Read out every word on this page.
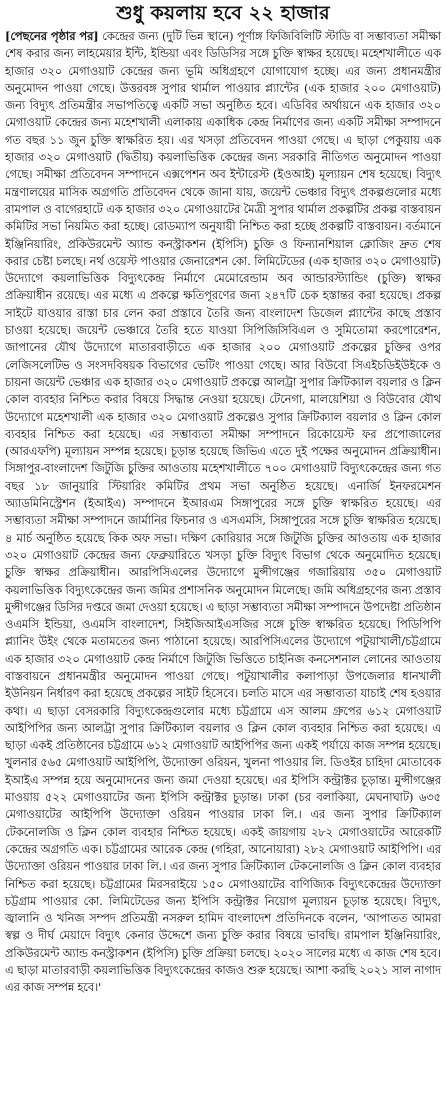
শুধু কয়লায় হবে ২২ হাজার

[পেছনের পৃষ্ঠার পর] কেন্দ্রের জন্য (দুটি ভিন্ন স্থানে) পূর্ণাঙ্গ ফিজিবিলিটি স্টাডি বা সম্ভাব্যতা সমীক্ষা শেষ করার জন্য লাহমেয়ার ইন্টি, ইন্ডিয়া এবং ডিডিসির সঙ্গে চুক্তি স্বাক্ষর হয়েছে। মহেশখালীতে এক হাজার ৩২০ মেগাওয়াট কেন্দ্রের জন্য ভূমি অধিগ্রহণে যোগাযোগ হচ্ছে। এর জন্য প্রধানমন্ত্রীর অনুমোদন পাওয়া গেছে। উত্তরবঙ্গ সুপার থার্মাল পাওয়ার প্ল্যান্টের (এক হাজার ২০০ মেগাওয়াট) জন্য বিদ্যুৎ প্রতিমন্ত্রীর সভাপতিত্বে একটি সভা অনুষ্ঠিত হবে। এডিবির অর্থায়নে এক হাজার ৩২০ মেগাওয়াট কেন্দ্রের জন্য মহেশখালী এলাকায় একাধিক কেন্দ্র নির্মাণের জন্য একটি সমীক্ষা সম্পাদনে গত বছর ১১ জুন চুক্তি স্বাক্ষরিত হয়। এর খসড়া প্রতিবেদন পাওয়া গেছে। এ ছাড়া পেকুয়ায় এক হাজার ৩২০ মেগাওয়াট (দ্বিতীয়) কয়লাভিত্তিক কেন্দ্রের জন্য সরকারি নীতিগত অনুমোদন পাওয়া গেছে। সমীক্ষা প্রতিবেদন সম্পাদনে এক্সপেশন অব ইন্টারেস্ট (ইওআই) মূল্যায়ন শেষ হয়েছে। বিদ্যুৎ মন্ত্রণালয়ের মাসিক অগ্রগতি প্রতিবেদন থেকে জানা যায়, জয়েন্ট ভেঞ্চার বিদ্যুৎ প্রকল্পগুলোর মধ্যে রামপাল ও বাগেরহাটে এক হাজার ৩২০ মেগাওয়াটের মৈত্রী সুপার থার্মাল প্রকল্পটির প্রকল্প বাস্তবায়ন কমিটির সভা নিয়মিত করা হচ্ছে। রোডম্যাপ অনুযায়ী নিশ্চিত করা হচ্ছে প্রকল্পটি বাস্তবায়ন। বর্তমানে ইঞ্জিনিয়ারিং, প্রকিউরমেন্ট অ্যান্ড কনস্ট্রাকশন (ইপিসি) চুক্তি ও ফিন্যানশিয়াল ক্লোজিং দ্রুত শেষ করার চেষ্টা চলছে। নর্থ ওয়েস্ট পাওয়ার জেনারেশন কো. লিমিটেডের (এক হাজার ৩২০ মেগাওয়াট) উদ্যোগে কয়লাভিত্তিক বিদ্যুৎকেন্দ্র নির্মাণে মেমোরেন্ডাম অব আন্ডারস্ট্যান্ডিং (চুক্তি) স্বাক্ষর প্রক্রিয়াধীন রয়েছে। এর মধ্যে এ প্রকল্পে ক্ষতিপূরণের জন্য ২৪৭টি চেক হস্তান্তর করা হয়েছে। প্রকল্প সাইটে যাওয়ার রাস্তা চার লেন করা প্রস্তাবে তৈরি জন্য বাংলাদেশ ডিজেল প্ল্যান্টের কাছে প্রস্তাব চাওয়া হয়েছে। জয়েন্ট ভেঞ্চারে তৈরি হতে যাওয়া সিপিজিসিবিএল ও সুমিতোমা করপোরেশন, জাপানের যৌথ উদ্যোগে মাতারবাড়ীতে এক হাজার ২০০ মেগাওয়াট প্রকল্পের চুক্তির ওপর লেজিসলেটিভ ও সংসদবিষয়ক বিভাগের ভেটিং পাওয়া গেছে। আর বিউবো সিএইচডিইউইকে ও চায়না জয়েন্ট ভেঞ্চার এক হাজার ৩২০ মেগাওয়াট প্রকল্পে আলট্রা সুপার ক্রিটিক্যাল বয়লার ও ক্লিন কোল ব্যবহার নিশ্চিত করার বিষয়ে সিদ্ধান্ত নেওয়া হয়েছে। টেনেগা, মালয়েশিয়া ও বিউবোর যৌথ উদ্যোগে মহেশখালী এক হাজার ৩২০ মেগাওয়াট প্রকল্পেও সুপার ক্রিটিক্যাল বয়লার ও ক্লিন কোল ব্যবহার নিশ্চিত করা হয়েছে। এর সম্ভাব্যতা সমীক্ষা সম্পাদনে রিকোয়েস্ট ফর প্রপোজালের (আরএফপি) মূল্যায়ন সম্পন্ন হয়েছে। চূড়ান্ত হয়েছে জিভিএ এতে দুই পক্ষের অনুমোদন প্রক্রিয়াধীন। সিঙ্গাপুর-বাংলাদেশ জিটুজি চুক্তির আওতায় মহেশখালীতে ৭০০ মেগাওয়াট বিদ্যুৎকেন্দ্রের জন্য গত বছর ১৮ জানুয়ারি স্টিয়ারিং কমিটির প্রথম সভা অনুষ্ঠিত হয়েছে। এনার্জি ইনফরমেশন অ্যাডমিনিস্ট্রেশন (ইআইএ) সম্পাদনে ইআরএম সিঙ্গাপুরের সঙ্গে চুক্তি স্বাক্ষরিত হয়েছে। এর সম্ভাব্যতা সমীক্ষা সম্পাদনে জার্মানির ফিচনার ও এসএমসি, সিঙ্গাপুরের সঙ্গে চুক্তি স্বাক্ষরিত হয়েছে। ৪ মার্চ অনুষ্ঠিত হয়েছে কিক অফ সভা। দক্ষিণ কোরিয়ার সঙ্গে জিটুজি চুক্তির আওতায় এক হাজার ৩২০ মেগাওয়াট কেন্দ্রের জন্য ফেব্রুয়ারিতে খসড়া চুক্তি বিদ্যুৎ বিভাগ থেকে অনুমোদিত হয়েছে। চুক্তি স্বাক্ষর প্রক্রিয়াধীন। আরপিসিএলের উদ্যোগে মুন্সীগঞ্জের গজারিয়ায় ৩৫০ মেগাওয়াট কয়লাভিত্তিক বিদ্যুৎকেন্দ্রের জন্য জমির প্রশাসনিক অনুমোদন মিলেছে। জমি অধিগ্রহণের জন্য প্রস্তাব মুন্সীগঞ্জের ডিসির দপ্তরে জমা দেওয়া হয়েছে। এ ছাড়া সম্ভাব্যতা সমীক্ষা সম্পাদনে উপদেষ্টা প্রতিষ্ঠান ওএমসি ইন্ডিয়া, ওএমসি বাংলাদেশ, সিইজিআইএসজির সঙ্গে চুক্তি স্বাক্ষরিত হয়েছে। পিডিপিপি প্ল্যানিং উইং থেকে মতামতের জন্য পাঠানো হয়েছে। আরপিসিএলের উদ্যোগে পটুয়াখালী/চট্টগ্রামে এক হাজার ৩২০ মেগাওয়াট কেন্দ্র নির্মাণে জিটুজি ভিত্তিতে চাইনিজ কনসেশনাল লোনের আওতায় বাস্তবায়নে প্রধানমন্ত্রীর অনুমোদন পাওয়া গেছে। পটুয়াখালীর কলাপাড়া উপজেলার ধানখালী ইউনিয়ন নির্ধারণ করা হয়েছে প্রকল্পের সাইট হিসেবে। চলতি মাসে এর সম্ভাব্যতা যাচাই শেষ হওয়ার কথা। এ ছাড়া বেসরকারি বিদ্যুৎকেন্দ্রগুলোর মধ্যে চট্টগ্রামে এস আলম গ্রুপের ৬১২ মেগাওয়াট আইপিপির জন্য আলট্রা সুপার ক্রিটিক্যাল বয়লার ও ক্লিন কোল ব্যবহার নিশ্চিত করা হয়েছে। এ ছাড়া একই প্রতিষ্ঠানের চট্টগ্রামে ৬১২ মেগাওয়াট আইপিপির জন্য একই পর্যায়ে কাজ সম্পন্ন হয়েছে। খুলনার ৫৬৫ মেগাওয়াট আইপিপি, উদ্যোক্তা ওরিয়ন, খুলনা পাওয়ার লি. ডিওইর চাহিদা মোতাবেক ইআইএ সম্পন্ন হয়ে অনুমোদনের জন্য জমা দেওয়া হয়েছে। এর ইপিসি কন্ট্রাক্টর চূড়ান্ত। মুন্সীগঞ্জের মাওয়ায় ৫২২ মেগাওয়াটের জন্য ইপিসি কন্ট্রাক্টর চূড়ান্ত। ঢাকা (চর বলাকিয়া, মেঘনাঘাট) ৬৩৫ মেগাওয়াটের আইপিপি উদ্যোক্তা ওরিয়ন পাওয়ার ঢাকা লি.। এর জন্য সুপার ক্রিটিক্যাল টেকনোলজি ও ক্লিন কোল ব্যবহার নিশ্চিত হয়েছে। একই জায়গায় ২৮২ মেগাওয়াটের আরেকটি কেন্দ্রের অগ্রগতি এক। চট্টগ্রামের আরেক কেন্দ্র (গহিরা, আনোয়ারা) ২৮২ মেগাওয়াট আইপিপি। এর উদ্যোক্তা ওরিয়ন পাওয়ার ঢাকা লি.। এর জন্য সুপার ক্রিটিক্যাল টেকনোলজি ও ক্লিন কোল ব্যবহার নিশ্চিত করা হয়েছে। চট্টগ্রামের মিরসরাইয়ে ১৫০ মেগাওয়াটের বাণিজ্যিক বিদ্যুৎকেন্দ্রের উদ্যোক্তা চট্টগ্রাম পাওয়ার কো. লিমিটেডের জন্য ইপিসি কন্ট্রাক্টর নিয়োগ মূল্যায়ন চূড়ান্ত হয়েছে। বিদ্যুৎ, জ্বালানি ও খনিজ সম্পদ প্রতিমন্ত্রী নসরুল হামিদ বাংলাদেশ প্রতিদিনকে বলেন, 'আপাতত আমরা স্বল্প ও দীর্ঘ মেয়াদে বিদ্যুৎ কেনার উদ্দেশে জন্য চুক্তি করার বিষয়ে ভাবছি। রামপাল ইঞ্জিনিয়ারিং, প্রকিউরমেন্ট অ্যান্ড কনস্ট্রাকশন (ইপিসি) চুক্তি প্রক্রিয়া চলছে। ২০২০ সালের মধ্যে এ কাজ শেষ হবে। এ ছাড়া মাতারবাড়ী কয়লাভিত্তিক বিদ্যুৎকেন্দ্রের কাজও শুরু হয়েছে। আশা করছি ২০২১ সাল নাগাদ এর কাজ সম্পন্ন হবে।'
